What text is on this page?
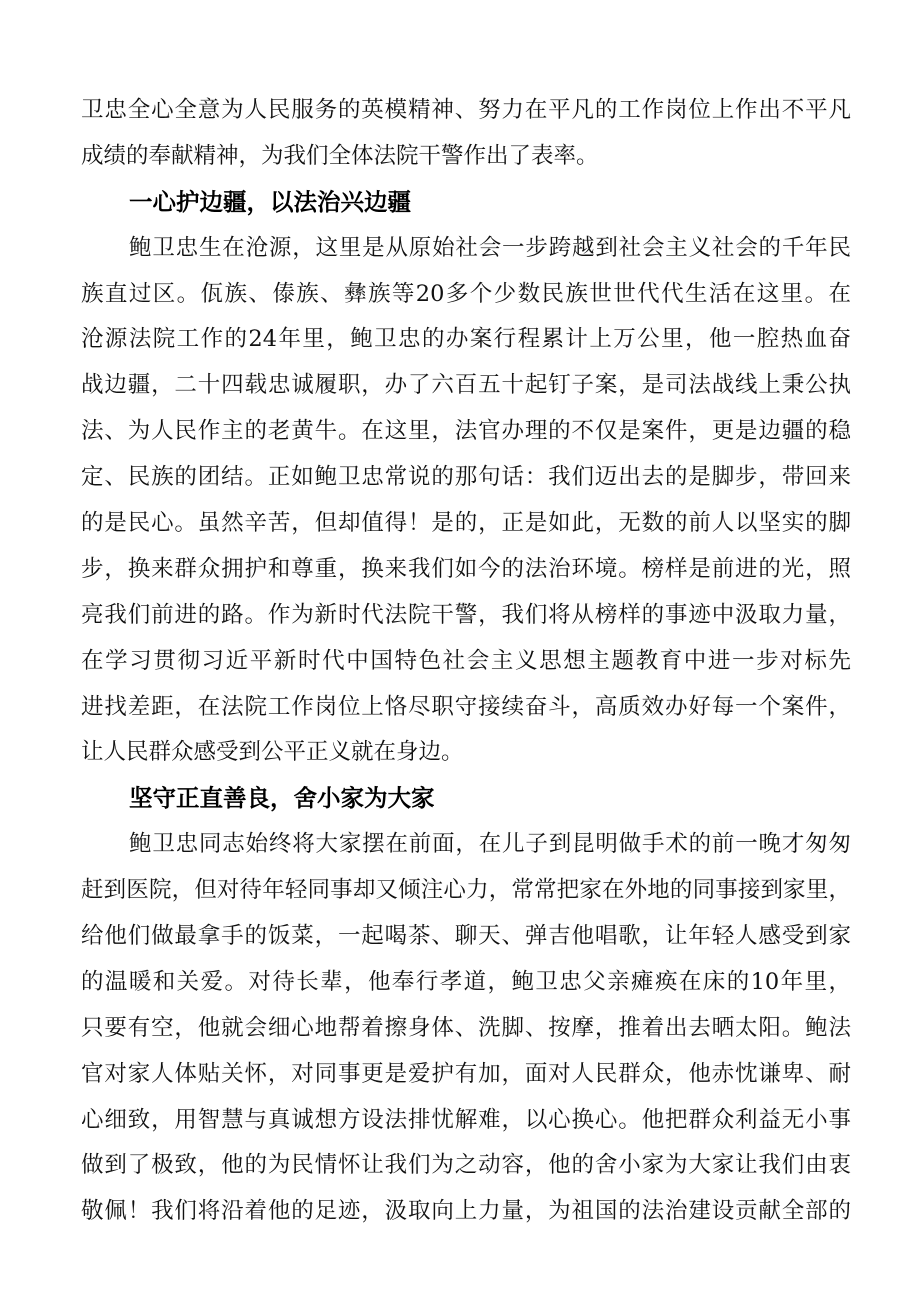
卫忠全心全意为人民服务的英模精神、努力在平凡的工作岗位上作出不平凡
成绩的奉献精神，为我们全体法院干警作出了表率。
一心护边疆，以法治兴边疆
鲍卫忠生在沧源，这里是从原始社会一步跨越到社会主义社会的千年民
族直过区。佤族、傣族、彝族等20多个少数民族世世代代生活在这里。在
沧源法院工作的24年里，鲍卫忠的办案行程累计上万公里，他一腔热血奋
战边疆，二十四载忠诚履职，办了六百五十起钉子案，是司法战线上秉公执
法、为人民作主的老黄牛。在这里，法官办理的不仅是案件，更是边疆的稳
定、民族的团结。正如鲍卫忠常说的那句话：我们迈出去的是脚步，带回来
的是民心。虽然辛苦，但却值得！是的，正是如此，无数的前人以坚实的脚
步，换来群众拥护和尊重，换来我们如今的法治环境。榜样是前进的光，照
亮我们前进的路。作为新时代法院干警，我们将从榜样的事迹中汲取力量，
在学习贯彻习近平新时代中国特色社会主义思想主题教育中进一步对标先
进找差距，在法院工作岗位上恪尽职守接续奋斗，高质效办好每一个案件，
让人民群众感受到公平正义就在身边。
坚守正直善良，舍小家为大家
鲍卫忠同志始终将大家摆在前面，在儿子到昆明做手术的前一晚才匆匆
赶到医院，但对待年轻同事却又倾注心力，常常把家在外地的同事接到家里，
给他们做最拿手的饭菜，一起喝茶、聊天、弹吉他唱歌，让年轻人感受到家
的温暖和关爱。对待长辈，他奉行孝道，鲍卫忠父亲瘫痪在床的10年里，
只要有空，他就会细心地帮着擦身体、洗脚、按摩，推着出去晒太阳。鲍法
官对家人体贴关怀，对同事更是爱护有加，面对人民群众，他赤忱谦卑、耐
心细致，用智慧与真诚想方设法排忧解难，以心换心。他把群众利益无小事
做到了极致，他的为民情怀让我们为之动容，他的舍小家为大家让我们由衷
敬佩！我们将沿着他的足迹，汲取向上力量，为祖国的法治建设贡献全部的
